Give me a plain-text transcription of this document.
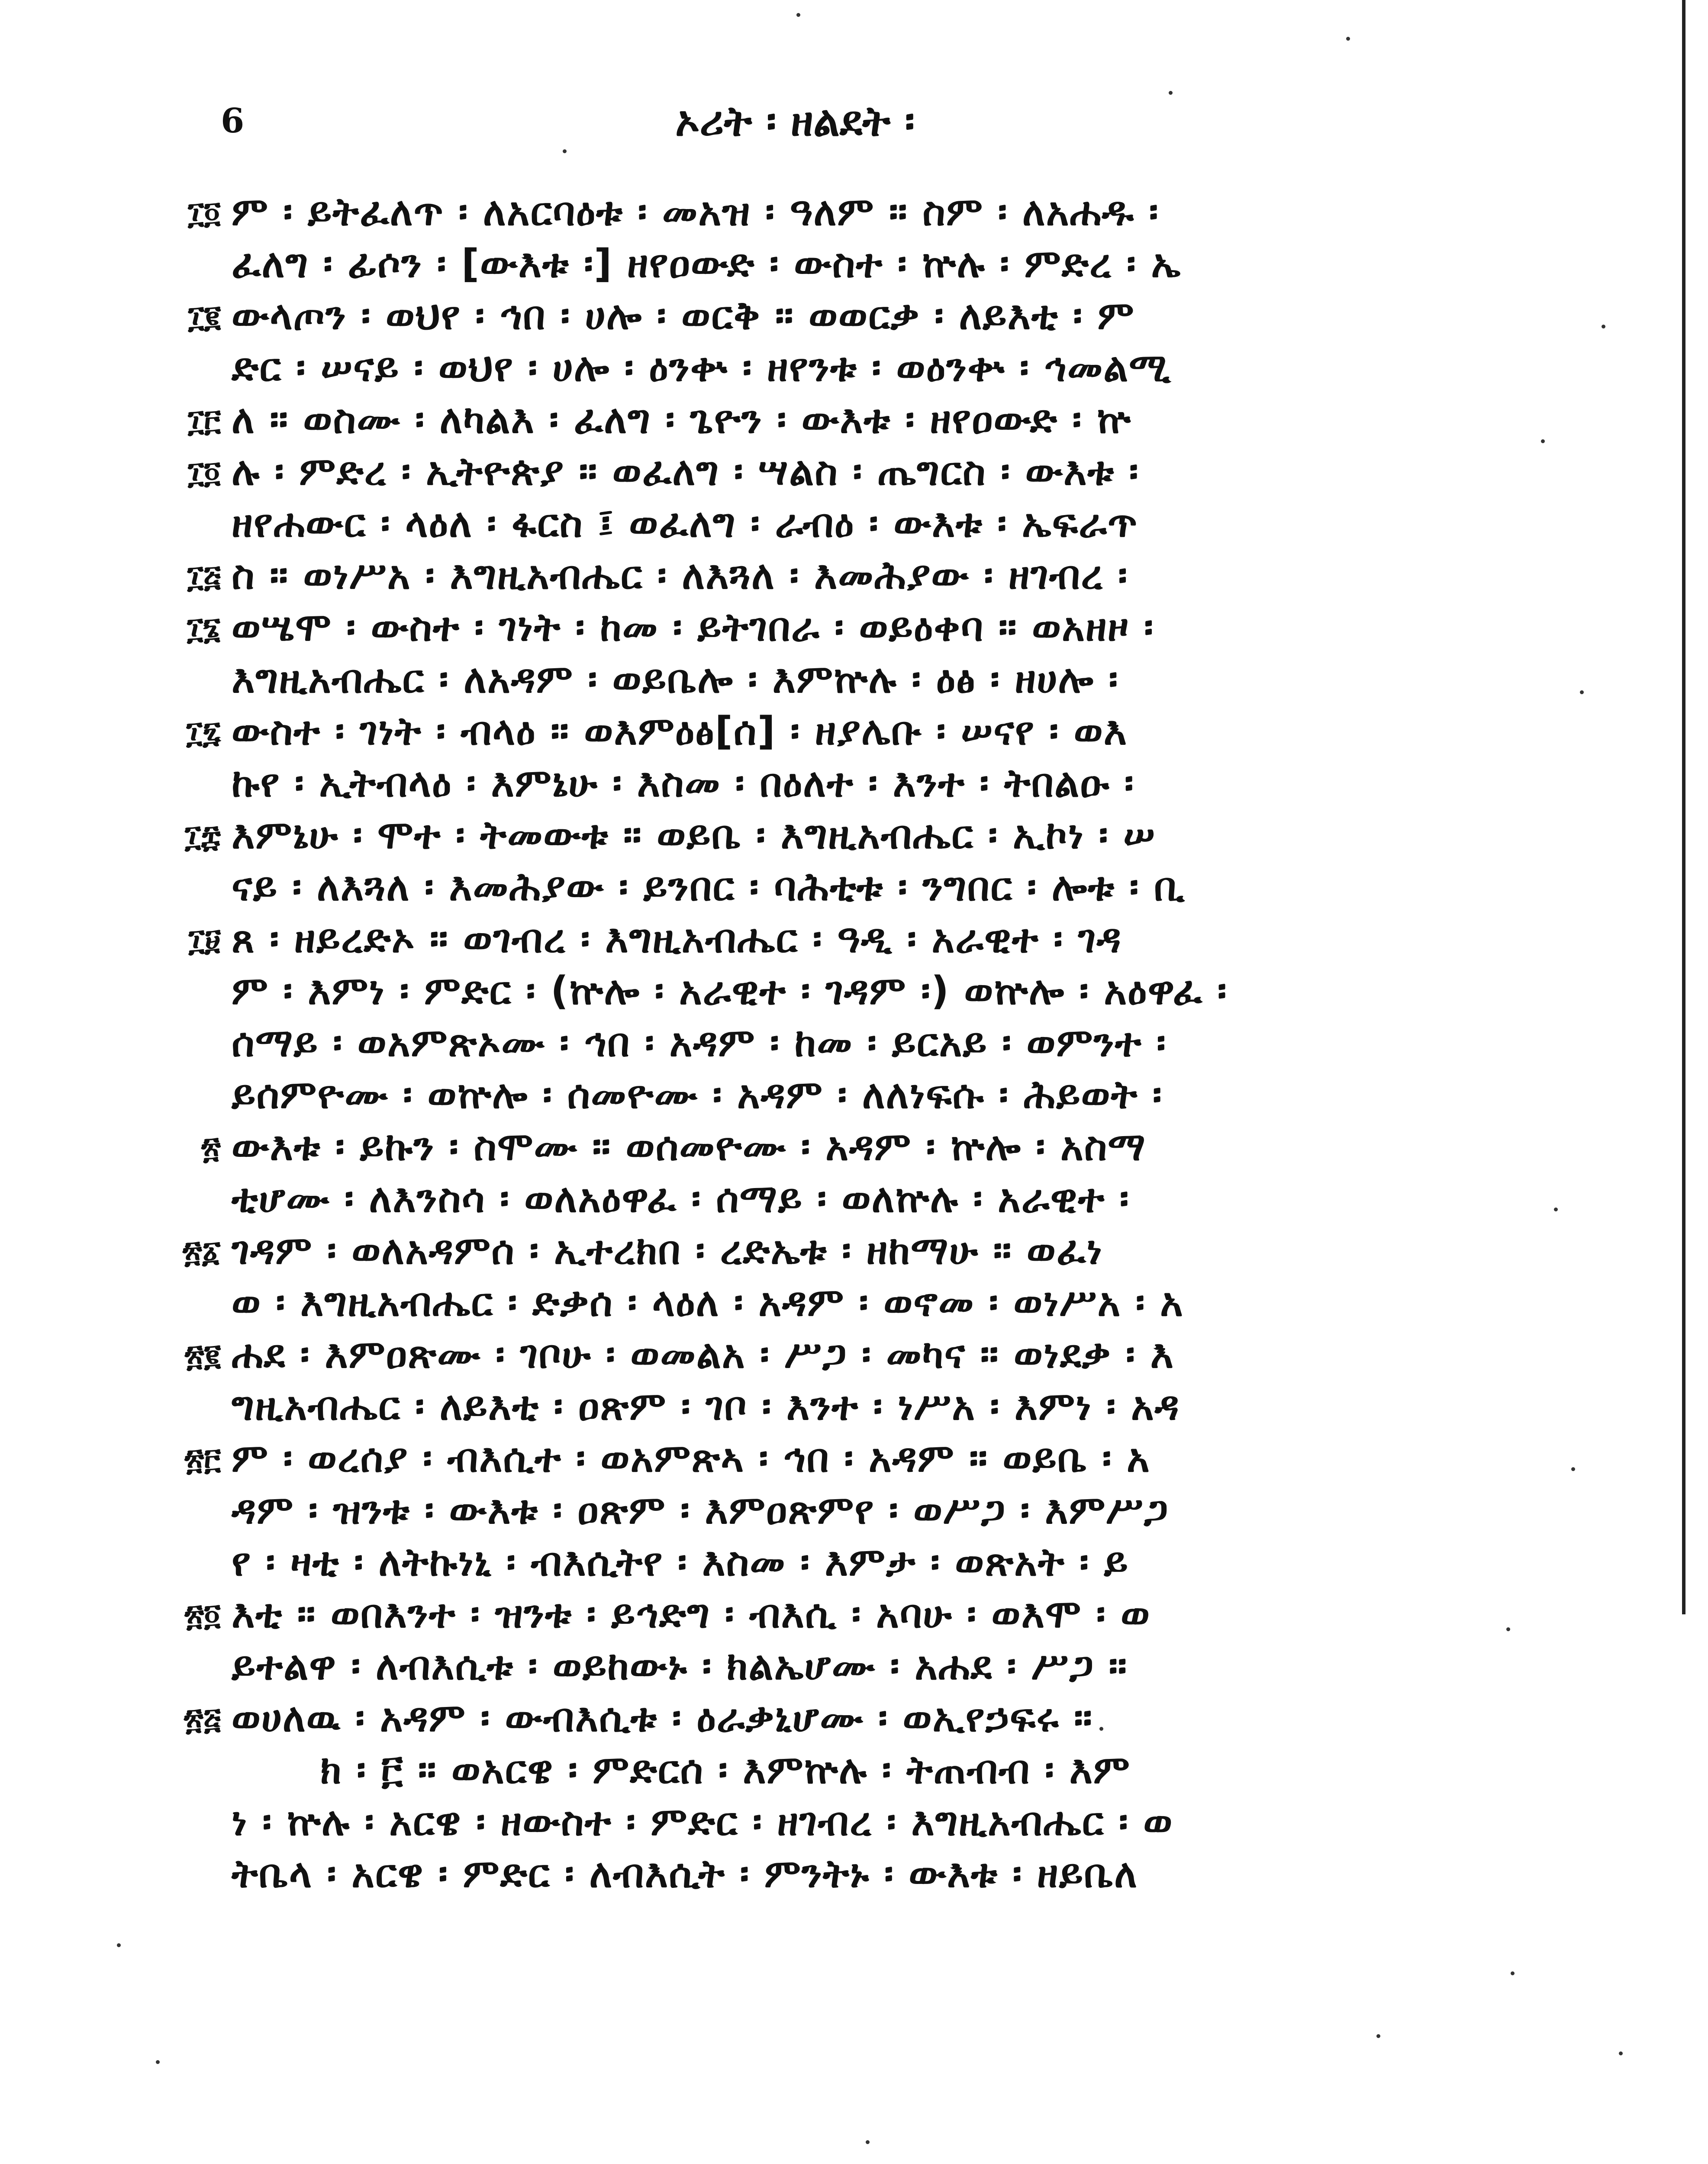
6	ኦሪት ፡ ዘልደት ፡
፲፬ ም ፡ ይትፈለጥ ፡ ለአርባዕቱ ፡ መአዝ ፡ ዓለም ። ስም ፡ ለአሐዱ ፡
ፈለግ ፡ ፊሶን ፡ [ውእቱ ፡] ዘየዐውድ ፡ ውስተ ፡ ኵሉ ፡ ምድረ ፡ ኤ
፲፪ ውላጦን ፡ ወህየ ፡ ኅበ ፡ ሀሎ ፡ ወርቅ ። ወወርቃ ፡ ለይእቲ ፡ ም
ድር ፡ ሠናይ ፡ ወህየ ፡ ሀሎ ፡ ዕንቍ ፡ ዘየንቱ ፡ ወዕንቍ ፡ ኅመልሚ
፲፫ ለ ። ወስሙ ፡ ለካልእ ፡ ፈለግ ፡ ጌዮን ፡ ውእቱ ፡ ዘየዐውድ ፡ ኵ
፲፬ ሉ ፡ ምድረ ፡ ኢትዮጵያ ። ወፈለግ ፡ ሣልስ ፡ ጤግርስ ፡ ውእቱ ፡
ዘየሐውር ፡ ላዕለ ፡ ፋርስ ፤ ወፈለግ ፡ ራብዕ ፡ ውእቱ ፡ ኤፍራጥ
፲፭ ስ ። ወነሥአ ፡ እግዚአብሔር ፡ ለእጓለ ፡ እመሕያው ፡ ዘገብረ ፡
፲፮ ወሤሞ ፡ ውስተ ፡ ገነት ፡ ከመ ፡ ይትገበራ ፡ ወይዕቀባ ። ወአዘዞ ፡
እግዚአብሔር ፡ ለአዳም ፡ ወይቤሎ ፡ እምኵሉ ፡ ዕፅ ፡ ዘሀሎ ፡
፲፯ ውስተ ፡ ገነት ፡ ብላዕ ። ወእምዕፅ[ሰ] ፡ ዘያሌቡ ፡ ሠናየ ፡ ወእ
ኩየ ፡ ኢትብላዕ ፡ እምኔሁ ፡ እስመ ፡ በዕለተ ፡ እንተ ፡ ትበልዑ ፡
፲፰ እምኔሁ ፡ ሞተ ፡ ትመውቱ ። ወይቤ ፡ እግዚአብሔር ፡ ኢኮነ ፡ ሠ
ናይ ፡ ለእጓለ ፡ እመሕያው ፡ ይንበር ፡ ባሕቲቱ ፡ ንግበር ፡ ሎቱ ፡ ቢ
፲፱ ጸ ፡ ዘይረድኦ ። ወገብረ ፡ እግዚአብሔር ፡ ዓዲ ፡ አራዊተ ፡ ገዳ
ም ፡ እምነ ፡ ምድር ፡ (ኵሎ ፡ አራዊተ ፡ ገዳም ፡) ወኵሎ ፡ አዕዋፈ ፡
ሰማይ ፡ ወአምጽኦሙ ፡ ኅበ ፡ አዳም ፡ ከመ ፡ ይርአይ ፡ ወምንተ ፡
ይሰምዮሙ ፡ ወኵሎ ፡ ሰመዮሙ ፡ አዳም ፡ ለለነፍሱ ፡ ሕይወት ፡
፳ ውእቱ ፡ ይኩን ፡ ስሞሙ ። ወሰመዮሙ ፡ አዳም ፡ ኵሎ ፡ አስማ
ቲሆሙ ፡ ለእንስሳ ፡ ወለአዕዋፈ ፡ ሰማይ ፡ ወለኵሉ ፡ አራዊተ ፡
፳፩ ገዳም ፡ ወለአዳምሰ ፡ ኢተረክበ ፡ ረድኤቱ ፡ ዘከማሁ ። ወፈነ
ወ ፡ እግዚአብሔር ፡ ድቃሰ ፡ ላዕለ ፡ አዳም ፡ ወኖመ ፡ ወነሥአ ፡ አ
፳፪ ሐደ ፡ እምዐጽሙ ፡ ገቦሁ ፡ ወመልአ ፡ ሥጋ ፡ መካና ። ወነደቃ ፡ እ
ግዚአብሔር ፡ ለይእቲ ፡ ዐጽም ፡ ገቦ ፡ እንተ ፡ ነሥአ ፡ እምነ ፡ አዳ
፳፫ ም ፡ ወረሰያ ፡ ብእሲተ ፡ ወአምጽኣ ፡ ኅበ ፡ አዳም ። ወይቤ ፡ አ
ዳም ፡ ዝንቱ ፡ ውእቱ ፡ ዐጽም ፡ እምዐጽምየ ፡ ወሥጋ ፡ እምሥጋ
የ ፡ ዛቲ ፡ ለትኩነኒ ፡ ብእሲትየ ፡ እስመ ፡ እምታ ፡ ወጽአት ፡ ይ
፳፬ እቲ ። ወበእንተ ፡ ዝንቱ ፡ ይኅድግ ፡ ብእሲ ፡ አባሁ ፡ ወእሞ ፡ ወ
ይተልዋ ፡ ለብእሲቱ ፡ ወይከውኑ ፡ ክልኤሆሙ ፡ አሐደ ፡ ሥጋ ።
፳፭ ወሀለዉ ፡ አዳም ፡ ውብእሲቱ ፡ ዕራቃኒሆሙ ፡ ወኢየኃፍሩ ።
ክ ፡ ፫ ። ወአርዌ ፡ ምድርሰ ፡ እምኵሉ ፡ ትጠብብ ፡ እም
ነ ፡ ኵሉ ፡ አርዌ ፡ ዘውስተ ፡ ምድር ፡ ዘገብረ ፡ እግዚአብሔር ፡ ወ
ትቤላ ፡ አርዌ ፡ ምድር ፡ ለብእሲት ፡ ምንትኑ ፡ ውእቱ ፡ ዘይቤለ
